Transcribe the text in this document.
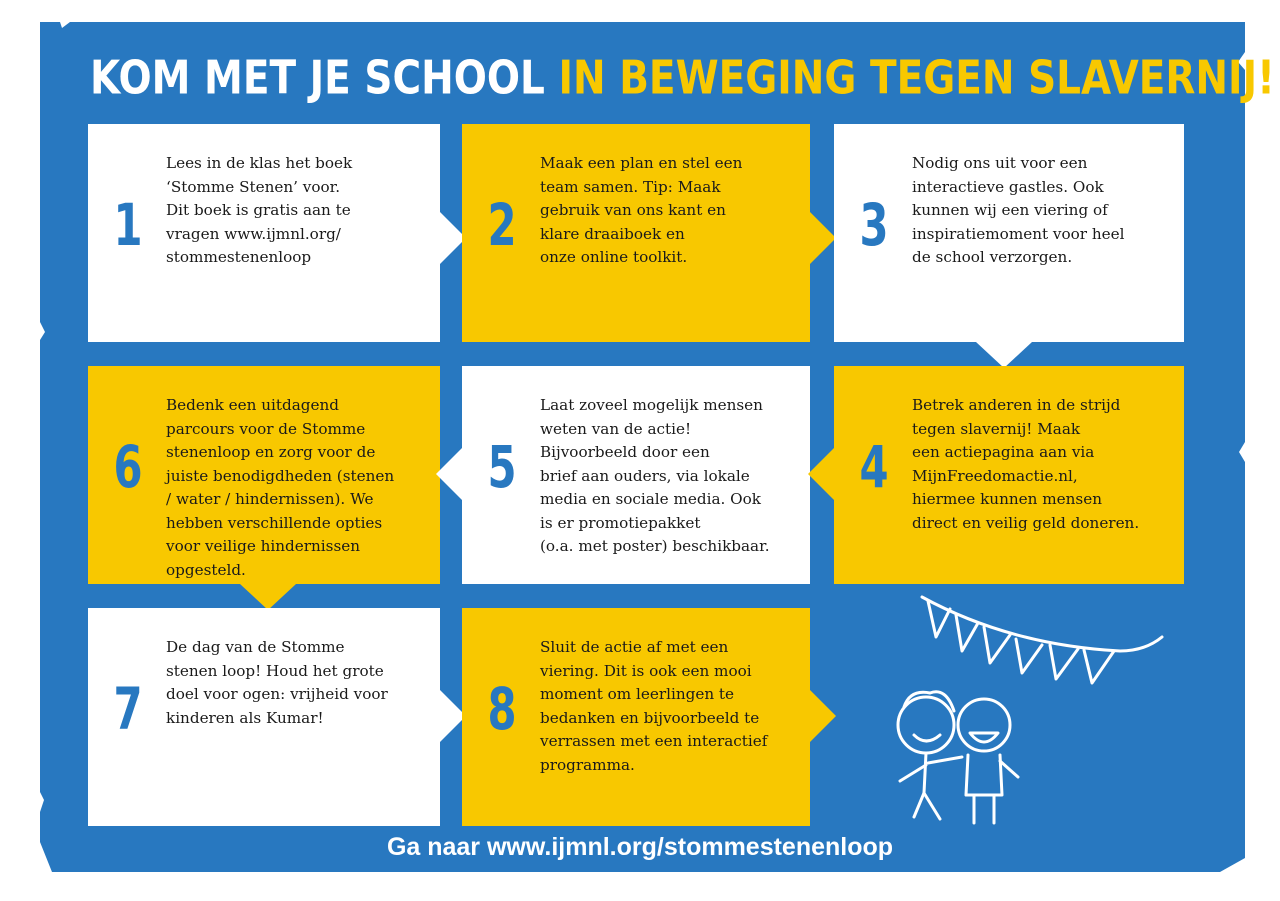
KOM MET JE SCHOOL IN BEWEGING TEGEN SLAVERNIJ!
1
Lees in de klas het boek
‘Stomme Stenen’ voor.
Dit boek is gratis aan te
vragen www.ijmnl.org/
stommestenenloop	2
Maak een plan en stel een
team samen. Tip: Maak
gebruik van ons kant en
klare draaiboek en
onze online toolkit.	3
Nodig ons uit voor een
interactieve gastles. Ook
kunnen wij een viering of
inspiratiemoment voor heel
de school verzorgen.
6
Bedenk een uitdagend
parcours voor de Stomme
stenenloop en zorg voor de
juiste benodigdheden (stenen
/ water / hindernissen). We
hebben verschillende opties
voor veilige hindernissen
opgesteld.
5
Laat zoveel mogelijk mensen
weten van de actie!
Bijvoorbeeld door een
brief aan ouders, via lokale
media en sociale media. Ook
is er promotiepakket
(o.a. met poster) beschikbaar.
4
Betrek anderen in de strijd
tegen slavernij! Maak
een actiepagina aan via
MijnFreedomactie.nl,
hiermee kunnen mensen
direct en veilig geld doneren.
7
De dag van de Stomme
stenen loop! Houd het grote
doel voor ogen: vrijheid voor
kinderen als Kumar!	8
Sluit de actie af met een
viering. Dit is ook een mooi
moment om leerlingen te
bedanken en bijvoorbeeld te
verrassen met een interactief
programma.
Ga naar www.ijmnl.org/stommestenenloop
